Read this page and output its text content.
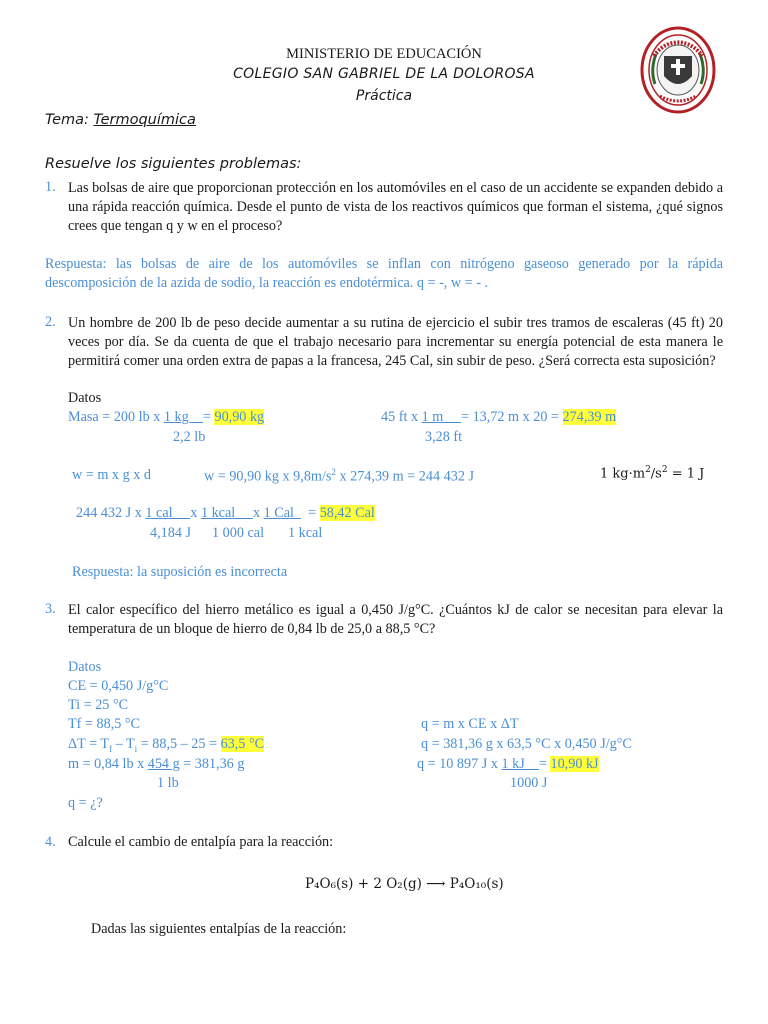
MINISTERIO DE EDUCACIÓN
COLEGIO SAN GABRIEL DE LA DOLOROSA
Práctica
Tema: Termoquímica
Resuelve los siguientes problemas:
1. Las bolsas de aire que proporcionan protección en los automóviles en el caso de un accidente se expanden debido a una rápida reacción química. Desde el punto de vista de los reactivos químicos que forman el sistema, ¿qué signos crees que tengan q y w en el proceso?
Respuesta: las bolsas de aire de los automóviles se inflan con nitrógeno gaseoso generado por la rápida descomposición de la azida de sodio, la reacción es endotérmica. q = -, w = - .
2. Un hombre de 200 lb de peso decide aumentar a su rutina de ejercicio el subir tres tramos de escaleras (45 ft) 20 veces por día. Se da cuenta de que el trabajo necesario para incrementar su energía potencial de esta manera le permitirá comer una orden extra de papas a la francesa, 245 Cal, sin subir de peso. ¿Será correcta esta suposición?
Datos
Masa = 200 lb x 1 kg    = 90,90 kg
2,2 lb
45 ft x 1 m     = 13,72 m x 20 = 274,39 m
3,28 ft
w = m x g x d	w = 90,90 kg x $9,8m/s^2$ x 274,39 m = 244 432 J	1 $kg\cdot m^2/s^2 = 1$ J
244 432 J x 1 cal     x 1 kcal     x 1 Cal    = 58,42 Cal
4,184 J 1 000 cal 1 kcal
Respuesta: la suposición es incorrecta
3. El calor específico del hierro metálico es igual a 0,450 J/g°C. ¿Cuántos kJ de calor se necesitan para elevar la temperatura de un bloque de hierro de 0,84 lb de 25,0 a 88,5 °C?
Datos
CE = 0,450 J/g°C
Ti = 25 °C
Tf = 88,5 °C
$\Delta T = T_f - T_i = 88,5 - 25 = 63,5$ °C
m = 0,84 lb x 454 g = 381,36 g
1 lb
q = ¿?
q = m x CE x ΔT
q = 381,36 g x 63,5 °C x 0,450 J/g°C
q = 10 897 J x 1 kJ    = 10,90 kJ
1000 J
4. Calcule el cambio de entalpía para la reacción:
P₄O₆(s) + 2 O₂(g) ⟶ P₄O₁₀(s)
Dadas las siguientes entalpías de la reacción:
